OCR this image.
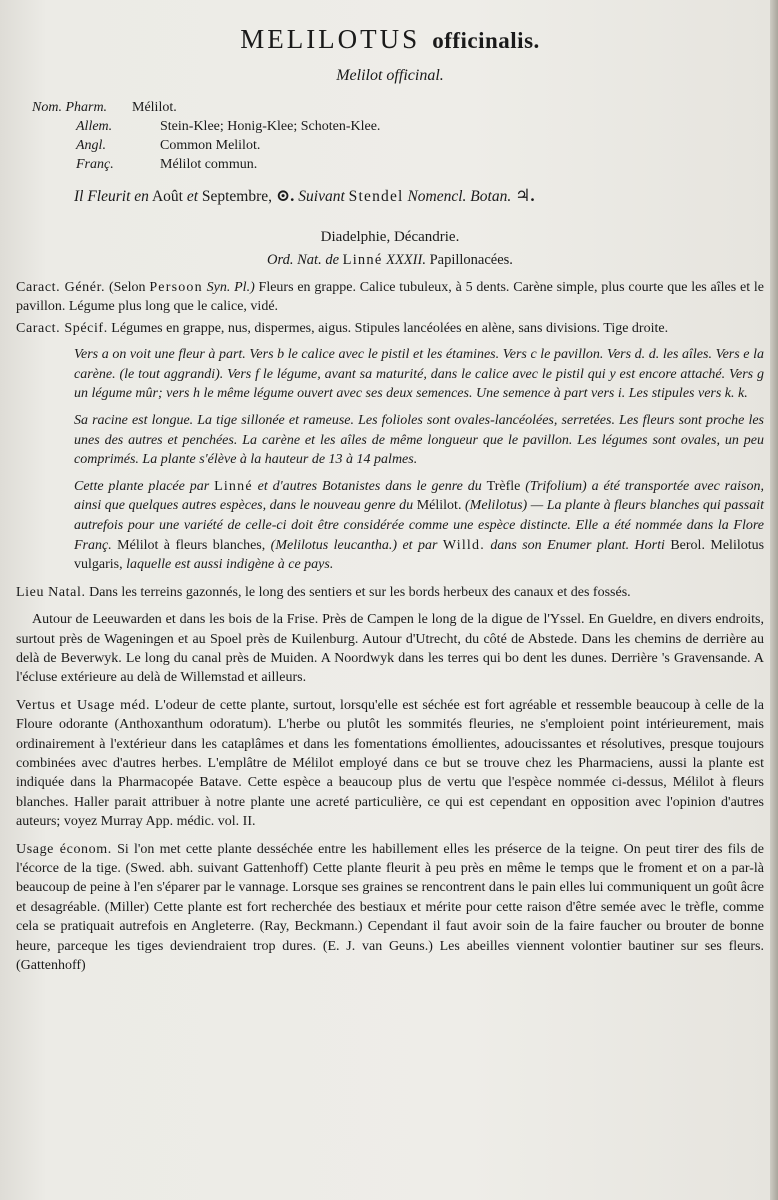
MELILOTUS officinalis.
Melilot officinal.
Nom. Pharm.	Mélilot.
Allem.	Stein-Klee; Honig-Klee; Schoten-Klee.
Angl.	Common Melilot.
Franç.	Mélilot commun.
Il Fleurit en Août et Septembre, ⊙. Suivant Stendel Nomencl. Botan. ♃.
Diadelphie, Décandrie.
Ord. Nat. de Linné XXXII. Papillonacées.

Caract. Génér. (Selon Persoon Syn. Pl.) Fleurs en grappe. Calice tubuleux, à 5 dents. Carène simple, plus courte que les aîles et le pavillon. Légume plus long que le calice, vidé.

Caract. Spécif. Légumes en grappe, nus, dispermes, aigus. Stipules lancéolées en alène, sans divisions. Tige droite.

Vers a on voit une fleur à part. Vers b le calice avec le pistil et les étamines. Vers c le pavillon. Vers d. d. les aîles. Vers e la carène. (le tout aggrandi). Vers f le légume, avant sa maturité, dans le calice avec le pistil qui y est encore attaché. Vers g un légume mûr; vers h le même légume ouvert avec ses deux semences. Une semence à part vers i. Les stipules vers k. k.
Sa racine est longue. La tige sillonée et rameuse. Les folioles sont ovales-lancéolées, serretées. Les fleurs sont proche les unes des autres et penchées. La carène et les aîles de même longueur que le pavillon. Les légumes sont ovales, un peu comprimés. La plante s'élève à la hauteur de 13 à 14 palmes.
Cette plante placée par Linné et d'autres Botanistes dans le genre du Trèfle (Trifolium) a été transportée avec raison, ainsi que quelques autres espèces, dans le nouveau genre du Mélilot. (Melilotus) — La plante à fleurs blanches qui passait autrefois pour une variété de celle-ci doit être considérée comme une espèce distincte. Elle a été nommée dans la Flore Franç. Mélilot à fleurs blanches, (Melilotus leucantha.) et par Willd. dans son Enumer plant. Horti Berol. Melilotus vulgaris, laquelle est aussi indigène à ce pays.

Lieu Natal. Dans les terreins gazonnés, le long des sentiers et sur les bords herbeux des canaux et des fossés.

Autour de Leeuwarden et dans les bois de la Frise. Près de Campen le long de la digue de l'Yssel. En Gueldre, en divers endroits, surtout près de Wageningen et au Spoel près de Kuilenburg. Autour d'Utrecht, du côté de Abstede. Dans les chemins de derrière au delà de Beverwyk. Le long du canal près de Muiden. A Noordwyk dans les terres qui bo dent les dunes. Derrière 's Gravensande. A l'écluse extérieure au delà de Willemstad et ailleurs.

Vertus et Usage méd. L'odeur de cette plante, surtout, lorsqu'elle est séchée est fort agréable et ressemble beaucoup à celle de la Floure odorante (Anthoxanthum odoratum). L'herbe ou plutôt les sommités fleuries, ne s'emploient point intérieurement, mais ordinairement à l'extérieur dans les cataplâmes et dans les fomentations émollientes, adoucissantes et résolutives, presque toujours combinées avec d'autres herbes. L'emplâtre de Mélilot employé dans ce but se trouve chez les Pharmaciens, aussi la plante est indiquée dans la Pharmacopée Batave. Cette espèce a beaucoup plus de vertu que l'espèce nommée ci-dessus, Mélilot à fleurs blanches. Haller parait attribuer à notre plante une acreté particulière, ce qui est cependant en opposition avec l'opinion d'autres auteurs; voyez Murray App. médic. vol. II.

Usage économ. Si l'on met cette plante desséchée entre les habillement elles les préserce de la teigne. On peut tirer des fils de l'écorce de la tige. (Swed. abh. suivant Gattenhoff) Cette plante fleurit à peu près en même le temps que le froment et on a par-là beaucoup de peine à l'en s'éparer par le vannage. Lorsque ses graines se rencontrent dans le pain elles lui communiquent un goût âcre et desagréable. (Miller) Cette plante est fort recherchée des bestiaux et mérite pour cette raison d'être semée avec le trèfle, comme cela se pratiquait autrefois en Angleterre. (Ray, Beckmann.) Cependant il faut avoir soin de la faire faucher ou brouter de bonne heure, parceque les tiges deviendraient trop dures. (E. J. van Geuns.) Les abeilles viennent volontier bautiner sur ses fleurs. (Gattenhoff)
